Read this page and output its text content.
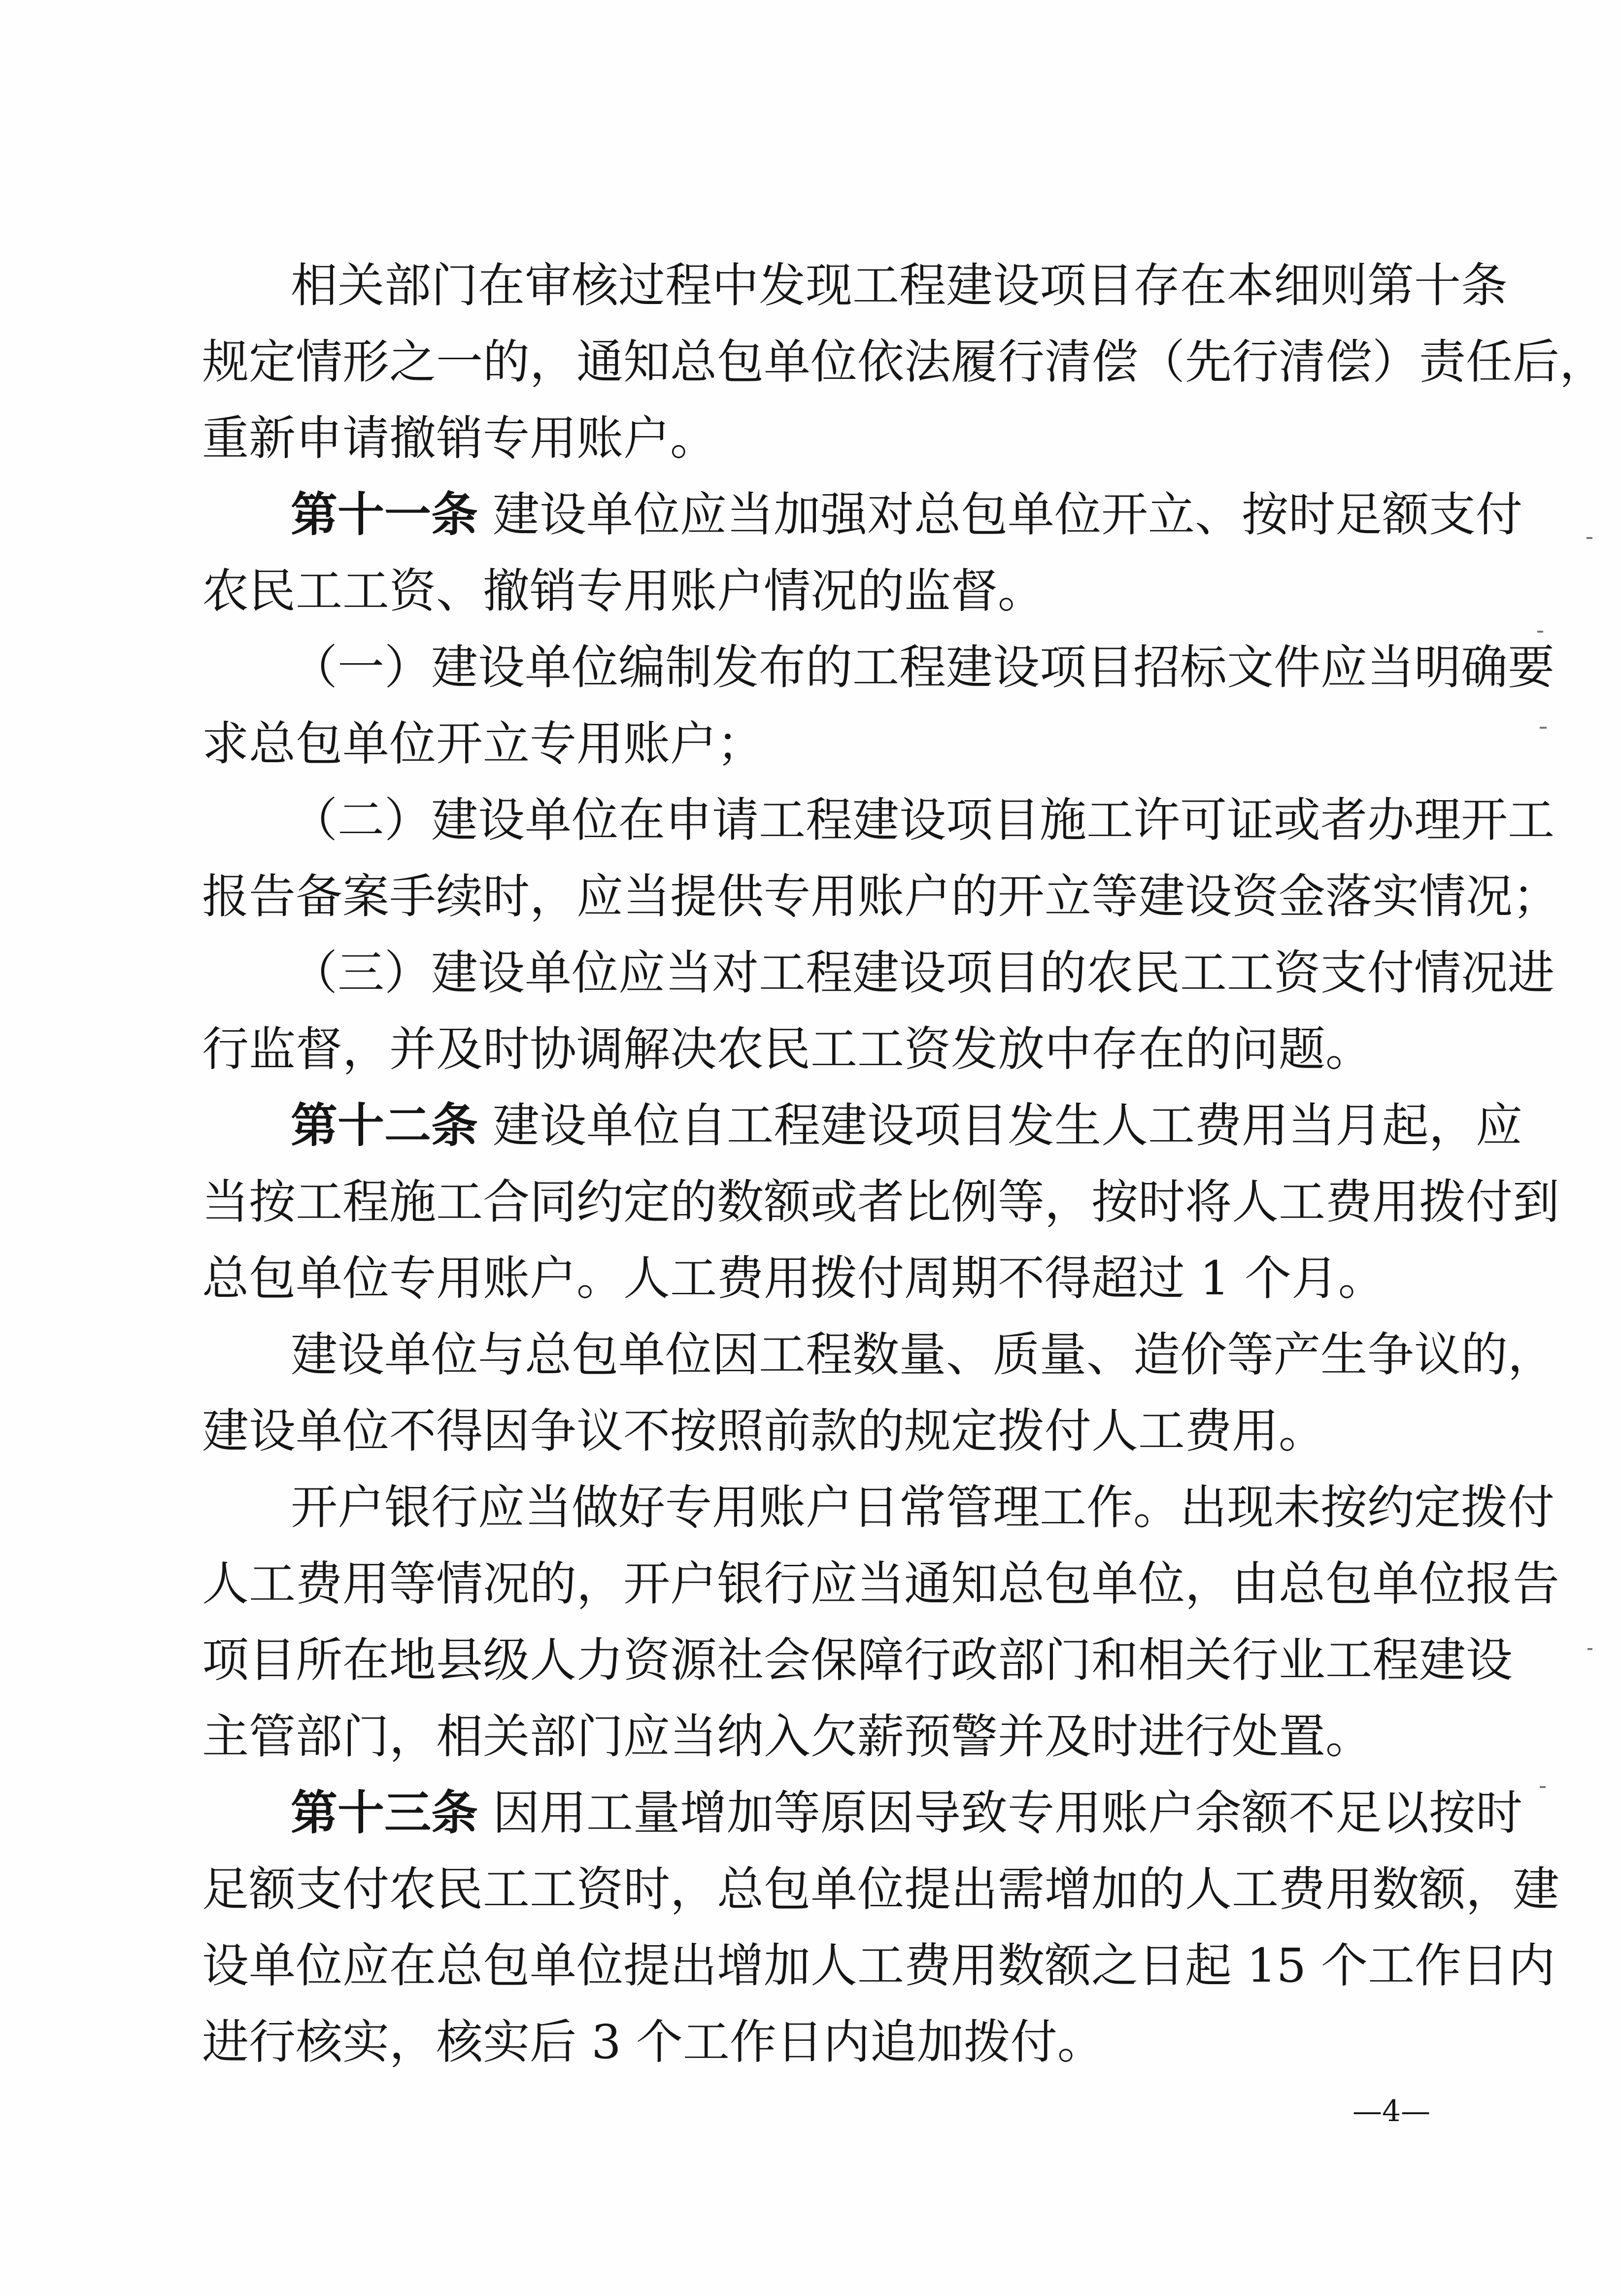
相关部门在审核过程中发现工程建设项目存在本细则第十条
规定情形之一的，通知总包单位依法履行清偿（先行清偿）责任后，
重新申请撤销专用账户。
第十一条 建设单位应当加强对总包单位开立、按时足额支付
农民工工资、撤销专用账户情况的监督。
（一）建设单位编制发布的工程建设项目招标文件应当明确要
求总包单位开立专用账户；
（二）建设单位在申请工程建设项目施工许可证或者办理开工
报告备案手续时，应当提供专用账户的开立等建设资金落实情况；
（三）建设单位应当对工程建设项目的农民工工资支付情况进
行监督，并及时协调解决农民工工资发放中存在的问题。
第十二条 建设单位自工程建设项目发生人工费用当月起，应
当按工程施工合同约定的数额或者比例等，按时将人工费用拨付到
总包单位专用账户。人工费用拨付周期不得超过 1 个月。
建设单位与总包单位因工程数量、质量、造价等产生争议的，
建设单位不得因争议不按照前款的规定拨付人工费用。
开户银行应当做好专用账户日常管理工作。出现未按约定拨付
人工费用等情况的，开户银行应当通知总包单位，由总包单位报告
项目所在地县级人力资源社会保障行政部门和相关行业工程建设
主管部门，相关部门应当纳入欠薪预警并及时进行处置。
第十三条 因用工量增加等原因导致专用账户余额不足以按时
足额支付农民工工资时，总包单位提出需增加的人工费用数额，建
设单位应在总包单位提出增加人工费用数额之日起 15 个工作日内
进行核实，核实后 3 个工作日内追加拨付。
—4—
